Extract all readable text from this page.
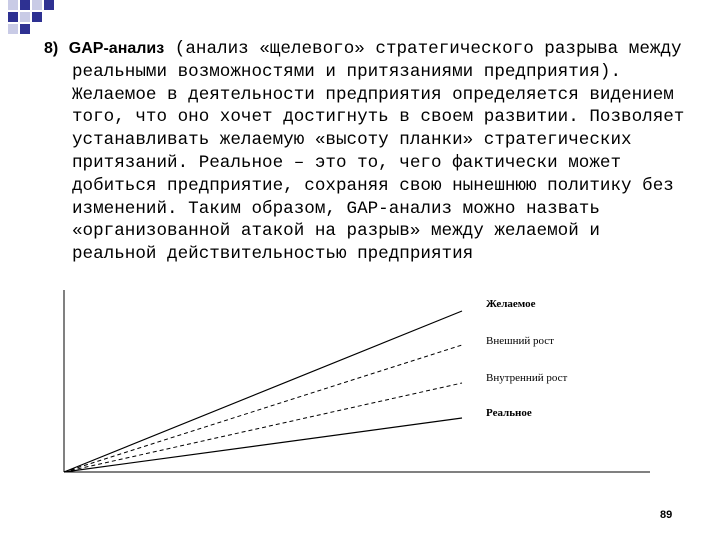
8) GAP-анализ (анализ «щелевого» стратегического разрыва между реальными возможностями и притязаниями предприятия). Желаемое в деятельности предприятия определяется видением того, что оно хочет достигнуть в своем развитии. Позволяет устанавливать желаемую «высоту планки» стратегических притязаний. Реальное – это то, чего фактически может добиться предприятие, сохраняя свою нынешнюю политику без изменений. Таким образом, GAP-анализ можно назвать «организованной атакой на разрыв» между желаемой и реальной действительностью предприятия

Желаемое
Внешний рост
Внутренний рост
Реальное
89
